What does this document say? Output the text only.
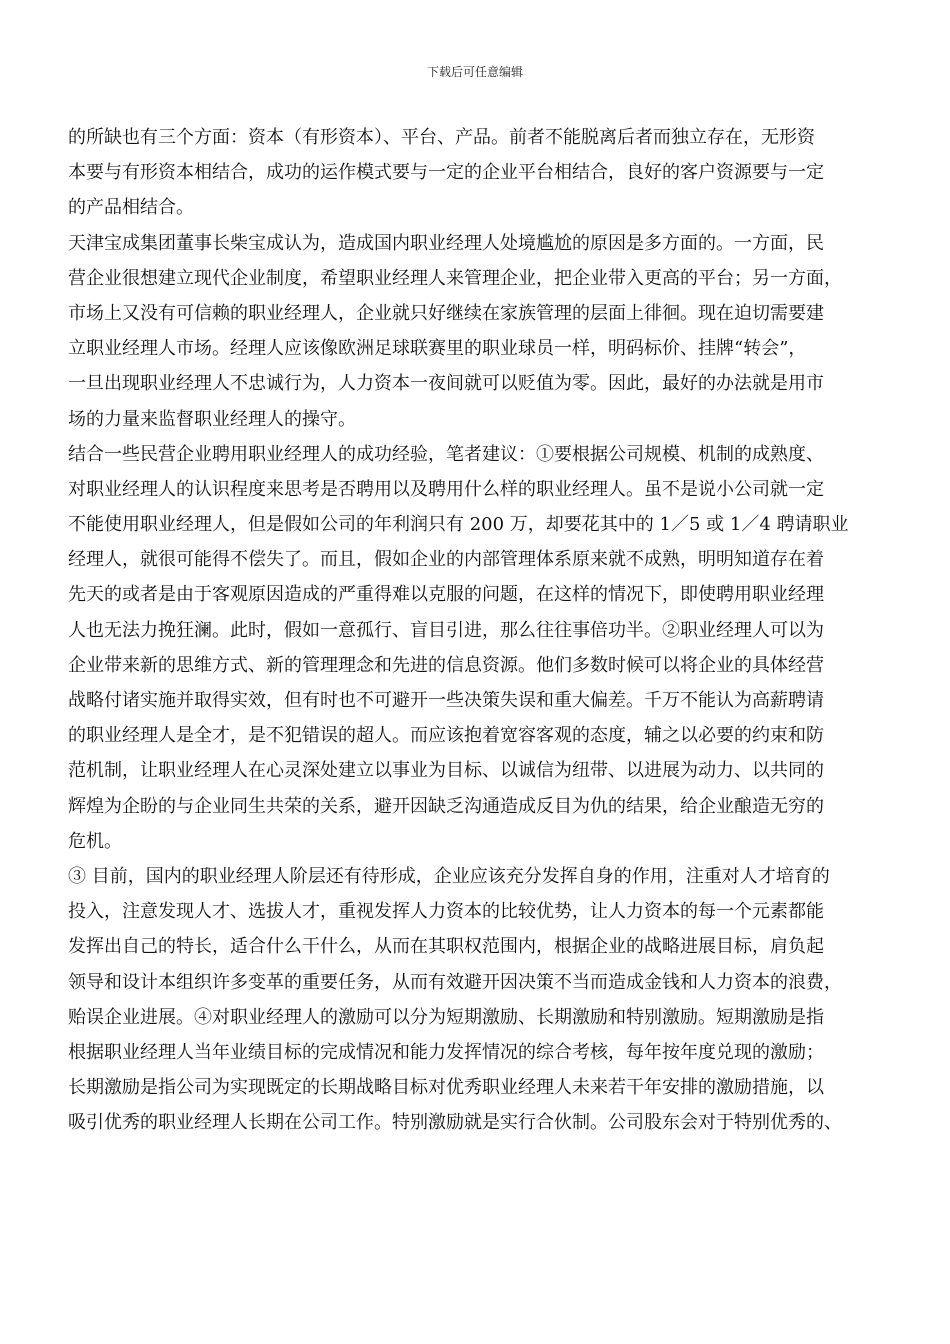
下载后可任意编辑
的所缺也有三个方面：资本（有形资本）、平台、产品。前者不能脱离后者而独立存在，无形资
本要与有形资本相结合，成功的运作模式要与一定的企业平台相结合，良好的客户资源要与一定
的产品相结合。
天津宝成集团董事长柴宝成认为，造成国内职业经理人处境尴尬的原因是多方面的。一方面，民
营企业很想建立现代企业制度，希望职业经理人来管理企业，把企业带入更高的平台；另一方面，
市场上又没有可信赖的职业经理人，企业就只好继续在家族管理的层面上徘徊。现在迫切需要建
立职业经理人市场。经理人应该像欧洲足球联赛里的职业球员一样，明码标价、挂牌“转会”，
一旦出现职业经理人不忠诚行为，人力资本一夜间就可以贬值为零。因此，最好的办法就是用市
场的力量来监督职业经理人的操守。
结合一些民营企业聘用职业经理人的成功经验，笔者建议：①要根据公司规模、机制的成熟度、
对职业经理人的认识程度来思考是否聘用以及聘用什么样的职业经理人。虽不是说小公司就一定
不能使用职业经理人，但是假如公司的年利润只有 200 万，却要花其中的 1／5 或 1／4 聘请职业
经理人，就很可能得不偿失了。而且，假如企业的内部管理体系原来就不成熟，明明知道存在着
先天的或者是由于客观原因造成的严重得难以克服的问题，在这样的情况下，即使聘用职业经理
人也无法力挽狂澜。此时，假如一意孤行、盲目引进，那么往往事倍功半。②职业经理人可以为
企业带来新的思维方式、新的管理理念和先进的信息资源。他们多数时候可以将企业的具体经营
战略付诸实施并取得实效，但有时也不可避开一些决策失误和重大偏差。千万不能认为高薪聘请
的职业经理人是全才，是不犯错误的超人。而应该抱着宽容客观的态度，辅之以必要的约束和防
范机制，让职业经理人在心灵深处建立以事业为目标、以诚信为纽带、以进展为动力、以共同的
辉煌为企盼的与企业同生共荣的关系，避开因缺乏沟通造成反目为仇的结果，给企业酿造无穷的
危机。
③ 目前，国内的职业经理人阶层还有待形成，企业应该充分发挥自身的作用，注重对人才培育的
投入，注意发现人才、选拔人才，重视发挥人力资本的比较优势，让人力资本的每一个元素都能
发挥出自己的特长，适合什么干什么，从而在其职权范围内，根据企业的战略进展目标，肩负起
领导和设计本组织许多变革的重要任务，从而有效避开因决策不当而造成金钱和人力资本的浪费，
贻误企业进展。④对职业经理人的激励可以分为短期激励、长期激励和特别激励。短期激励是指
根据职业经理人当年业绩目标的完成情况和能力发挥情况的综合考核，每年按年度兑现的激励；
长期激励是指公司为实现既定的长期战略目标对优秀职业经理人未来若干年安排的激励措施，以
吸引优秀的职业经理人长期在公司工作。特别激励就是实行合伙制。公司股东会对于特别优秀的、
